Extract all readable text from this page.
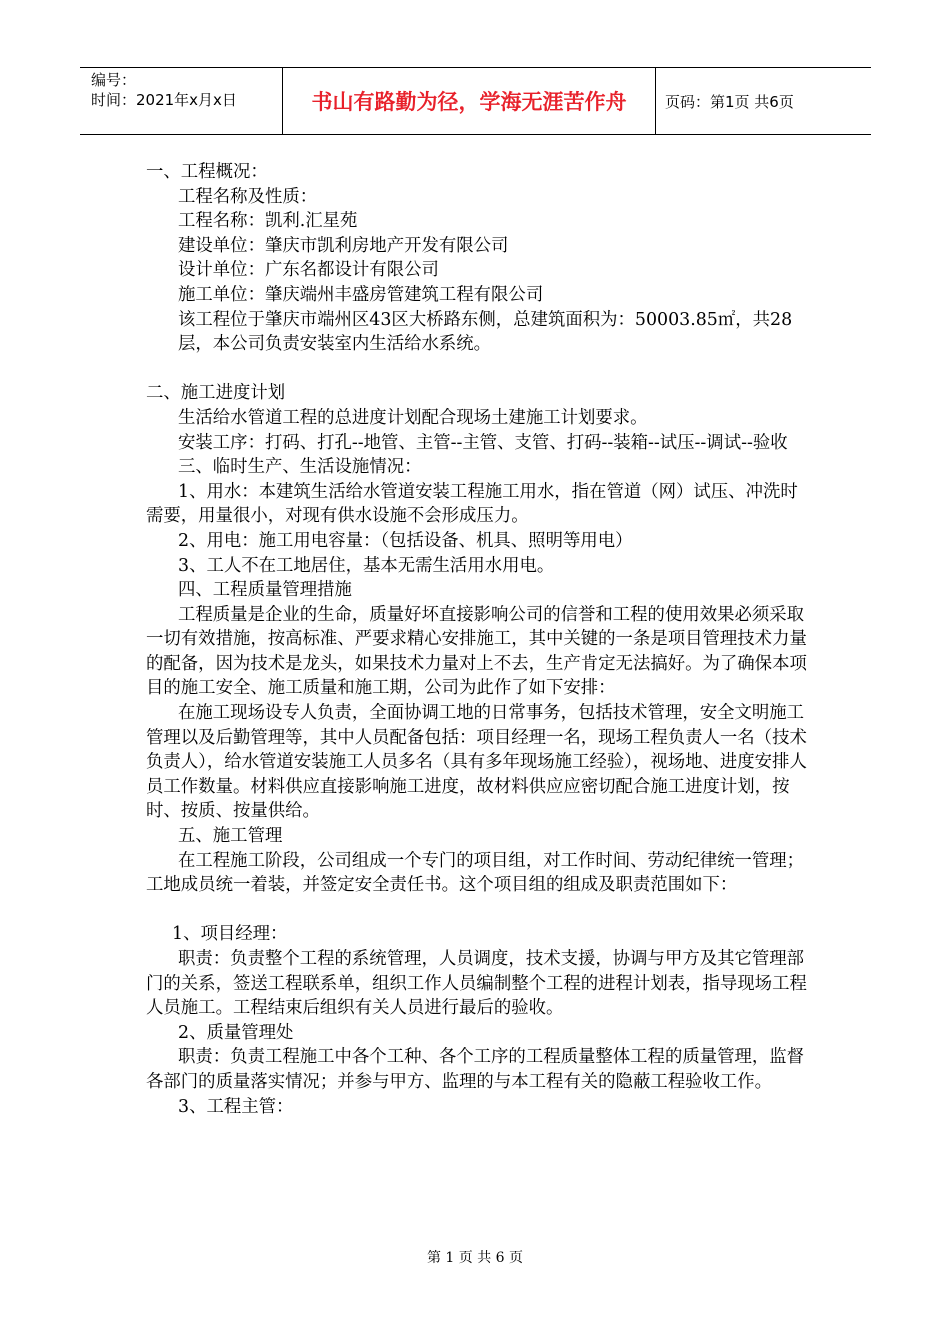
编号：
时间：2021年x月x日	书山有路勤为径，学海无涯苦作舟	页码：第1页 共6页

一、工程概况：

工程名称及性质：

工程名称：凯利.汇星苑

建设单位：肇庆市凯利房地产开发有限公司

设计单位：广东名都设计有限公司

施工单位：肇庆端州丰盛房管建筑工程有限公司

该工程位于肇庆市端州区43区大桥路东侧，总建筑面积为：50003.85㎡，共28层，本公司负责安装室内生活给水系统。

二、施工进度计划

生活给水管道工程的总进度计划配合现场土建施工计划要求。

安装工序：打码、打孔--地管、主管--主管、支管、打码--装箱--试压--调试--验收

三、临时生产、生活设施情况：

1、用水：本建筑生活给水管道安装工程施工用水，指在管道（网）试压、冲洗时需要，用量很小，对现有供水设施不会形成压力。

2、用电：施工用电容量：（包括设备、机具、照明等用电）

3、工人不在工地居住，基本无需生活用水用电。

四、工程质量管理措施

工程质量是企业的生命，质量好坏直接影响公司的信誉和工程的使用效果必须采取一切有效措施，按高标准、严要求精心安排施工，其中关键的一条是项目管理技术力量的配备，因为技术是龙头，如果技术力量对上不去，生产肯定无法搞好。为了确保本项目的施工安全、施工质量和施工期，公司为此作了如下安排：

在施工现场设专人负责，全面协调工地的日常事务，包括技术管理，安全文明施工管理以及后勤管理等，其中人员配备包括：项目经理一名，现场工程负责人一名（技术负责人），给水管道安装施工人员多名（具有多年现场施工经验），视场地、进度安排人员工作数量。材料供应直接影响施工进度，故材料供应应密切配合施工进度计划，按时、按质、按量供给。

五、施工管理

在工程施工阶段，公司组成一个专门的项目组，对工作时间、劳动纪律统一管理；工地成员统一着装，并签定安全责任书。这个项目组的组成及职责范围如下：

1、项目经理：

职责：负责整个工程的系统管理，人员调度，技术支援，协调与甲方及其它管理部门的关系，签送工程联系单，组织工作人员编制整个工程的进程计划表，指导现场工程人员施工。工程结束后组织有关人员进行最后的验收。

2、质量管理处

职责：负责工程施工中各个工种、各个工序的工程质量整体工程的质量管理，监督各部门的质量落实情况；并参与甲方、监理的与本工程有关的隐蔽工程验收工作。

3、工程主管：

第 1 页 共 6 页
